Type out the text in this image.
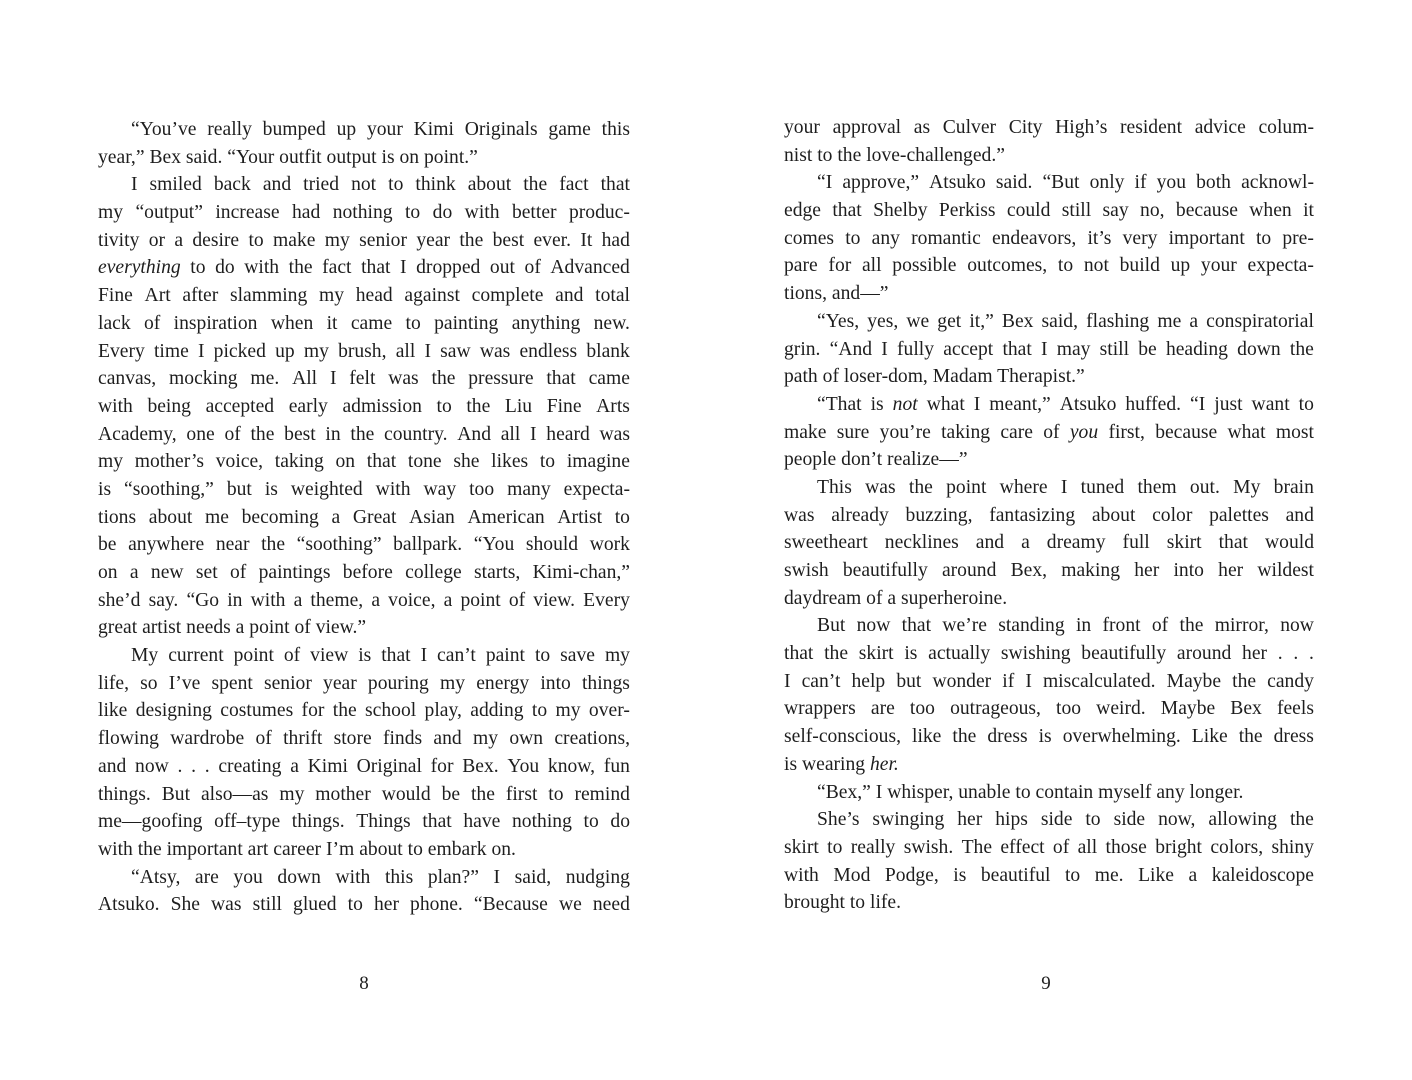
“You’ve really bumped up your Kimi Originals game this
year,” Bex said. “Your outfit output is on point.”
I smiled back and tried not to think about the fact that
my “output” increase had nothing to do with better produc-
tivity or a desire to make my senior year the best ever. It had
everything to do with the fact that I dropped out of Advanced
Fine Art after slamming my head against complete and total
lack of inspiration when it came to painting anything new.
Every time I picked up my brush, all I saw was endless blank
canvas, mocking me. All I felt was the pressure that came
with being accepted early admission to the Liu Fine Arts
Academy, one of the best in the country. And all I heard was
my mother’s voice, taking on that tone she likes to imagine
is “soothing,” but is weighted with way too many expecta-
tions about me becoming a Great Asian American Artist to
be anywhere near the “soothing” ballpark. “You should work
on a new set of paintings before college starts, Kimi-chan,”
she’d say. “Go in with a theme, a voice, a point of view. Every
great artist needs a point of view.”
My current point of view is that I can’t paint to save my
life, so I’ve spent senior year pouring my energy into things
like designing costumes for the school play, adding to my over-
flowing wardrobe of thrift store finds and my own creations,
and now . . . creating a Kimi Original for Bex. You know, fun
things. But also—as my mother would be the first to remind
me—goofing off–type things. Things that have nothing to do
with the important art career I’m about to embark on.
“Atsy, are you down with this plan?” I said, nudging
Atsuko. She was still glued to her phone. “Because we need
8
your approval as Culver City High’s resident advice colum-
nist to the love-challenged.”
“I approve,” Atsuko said. “But only if you both acknowl-
edge that Shelby Perkiss could still say no, because when it
comes to any romantic endeavors, it’s very important to pre-
pare for all possible outcomes, to not build up your expecta-
tions, and—”
“Yes, yes, we get it,” Bex said, flashing me a conspiratorial
grin. “And I fully accept that I may still be heading down the
path of loser-dom, Madam Therapist.”
“That is not what I meant,” Atsuko huffed. “I just want to
make sure you’re taking care of you first, because what most
people don’t realize—”
This was the point where I tuned them out. My brain
was already buzzing, fantasizing about color palettes and
sweetheart necklines and a dreamy full skirt that would
swish beautifully around Bex, making her into her wildest
daydream of a superheroine.
But now that we’re standing in front of the mirror, now
that the skirt is actually swishing beautifully around her . . .
I can’t help but wonder if I miscalculated. Maybe the candy
wrappers are too outrageous, too weird. Maybe Bex feels
self-conscious, like the dress is overwhelming. Like the dress
is wearing her.
“Bex,” I whisper, unable to contain myself any longer.
She’s swinging her hips side to side now, allowing the
skirt to really swish. The effect of all those bright colors, shiny
with Mod Podge, is beautiful to me. Like a kaleidoscope
brought to life.
9
